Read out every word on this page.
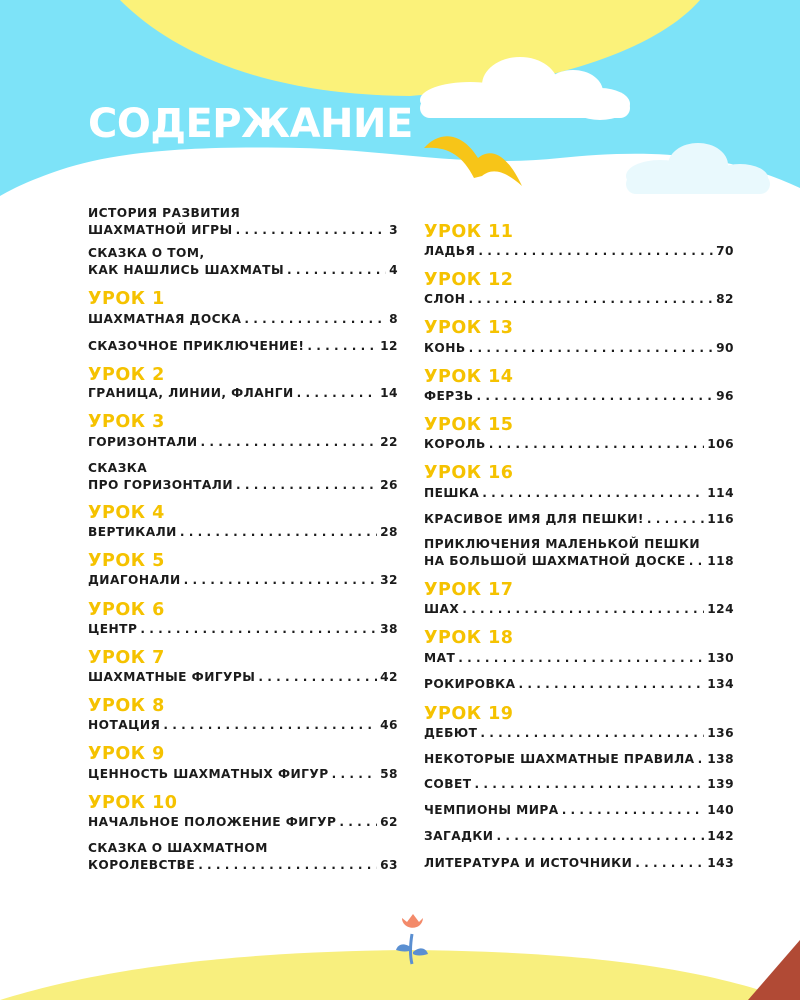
СОДЕРЖАНИЕ
ИСТОРИЯ РАЗВИТИЯ
ШАХМАТНОЙ ИГРЫ . . .	3
СКАЗКА О ТОМ,
КАК НАШЛИСЬ ШАХМАТЫ . . .	4
УРОК 1
ШАХМАТНАЯ ДОСКА . . .	8
СКАЗОЧНОЕ ПРИКЛЮЧЕНИЕ! . . .	12
УРОК 2
ГРАНИЦА, ЛИНИИ, ФЛАНГИ . . .	14
УРОК 3
ГОРИЗОНТАЛИ . . .	22
СКАЗКА
ПРО ГОРИЗОНТАЛИ . . .	26
УРОК 4
ВЕРТИКАЛИ . . .	28
УРОК 5
ДИАГОНАЛИ . . .	32
УРОК 6
ЦЕНТР . . .	38
УРОК 7
ШАХМАТНЫЕ ФИГУРЫ . . .	42
УРОК 8
НОТАЦИЯ . . .	46
УРОК 9
ЦЕННОСТЬ ШАХМАТНЫХ ФИГУР . . .	58
УРОК 10
НАЧАЛЬНОЕ ПОЛОЖЕНИЕ ФИГУР . . .	62
СКАЗКА О ШАХМАТНОМ
КОРОЛЕВСТВЕ . . .	63
УРОК 11
ЛАДЬЯ . . .	70
УРОК 12
СЛОН . . .	82
УРОК 13
КОНЬ . . .	90
УРОК 14
ФЕРЗЬ . . .	96
УРОК 15
КОРОЛЬ . . .	106
УРОК 16
ПЕШКА . . .	114
КРАСИВОЕ ИМЯ ДЛЯ ПЕШКИ! . . .	116
ПРИКЛЮЧЕНИЯ МАЛЕНЬКОЙ ПЕШКИ
НА БОЛЬШОЙ ШАХМАТНОЙ ДОСКЕ . . . 118
УРОК 17
ШАХ . . .	124
УРОК 18
МАТ . . .	130
РОКИРОВКА . . .	134
УРОК 19
ДЕБЮТ . . .	136
НЕКОТОРЫЕ ШАХМАТНЫЕ ПРАВИЛА . . . 138
СОВЕТ . . .	139
ЧЕМПИОНЫ МИРА . . .	140
ЗАГАДКИ . . .	142
ЛИТЕРАТУРА И ИСТОЧНИКИ . . .	143
